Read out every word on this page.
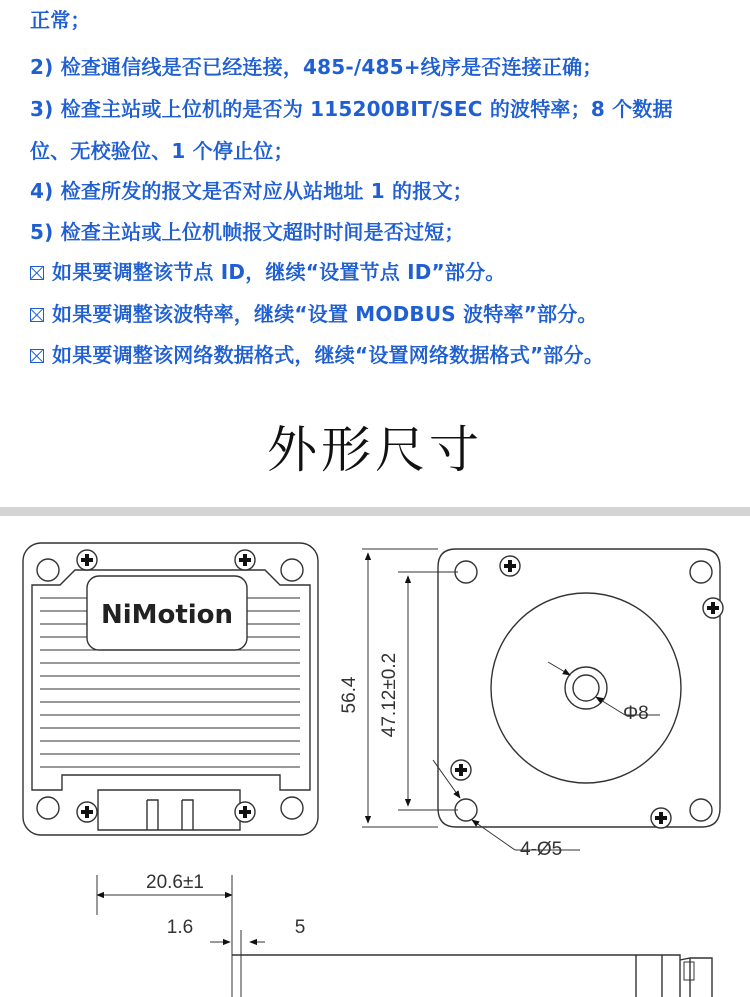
正常；
2) 检查通信线是否已经连接，485-/485+线序是否连接正确；
3) 检查主站或上位机的是否为 115200BIT/SEC 的波特率；8 个数据
位、无校验位、1 个停止位；
4) 检查所发的报文是否对应从站地址 1 的报文；
5) 检查主站或上位机帧报文超时时间是否过短；
如果要调整该节点 ID，继续“设置节点 ID”部分。
如果要调整该波特率，继续“设置 MODBUS 波特率”部分。
如果要调整该网络数据格式，继续“设置网络数据格式”部分。
外形尺寸
NiMotion
56.4 47.12±0.2	Φ8
4-Ø5
20.6±1
1.6	5
